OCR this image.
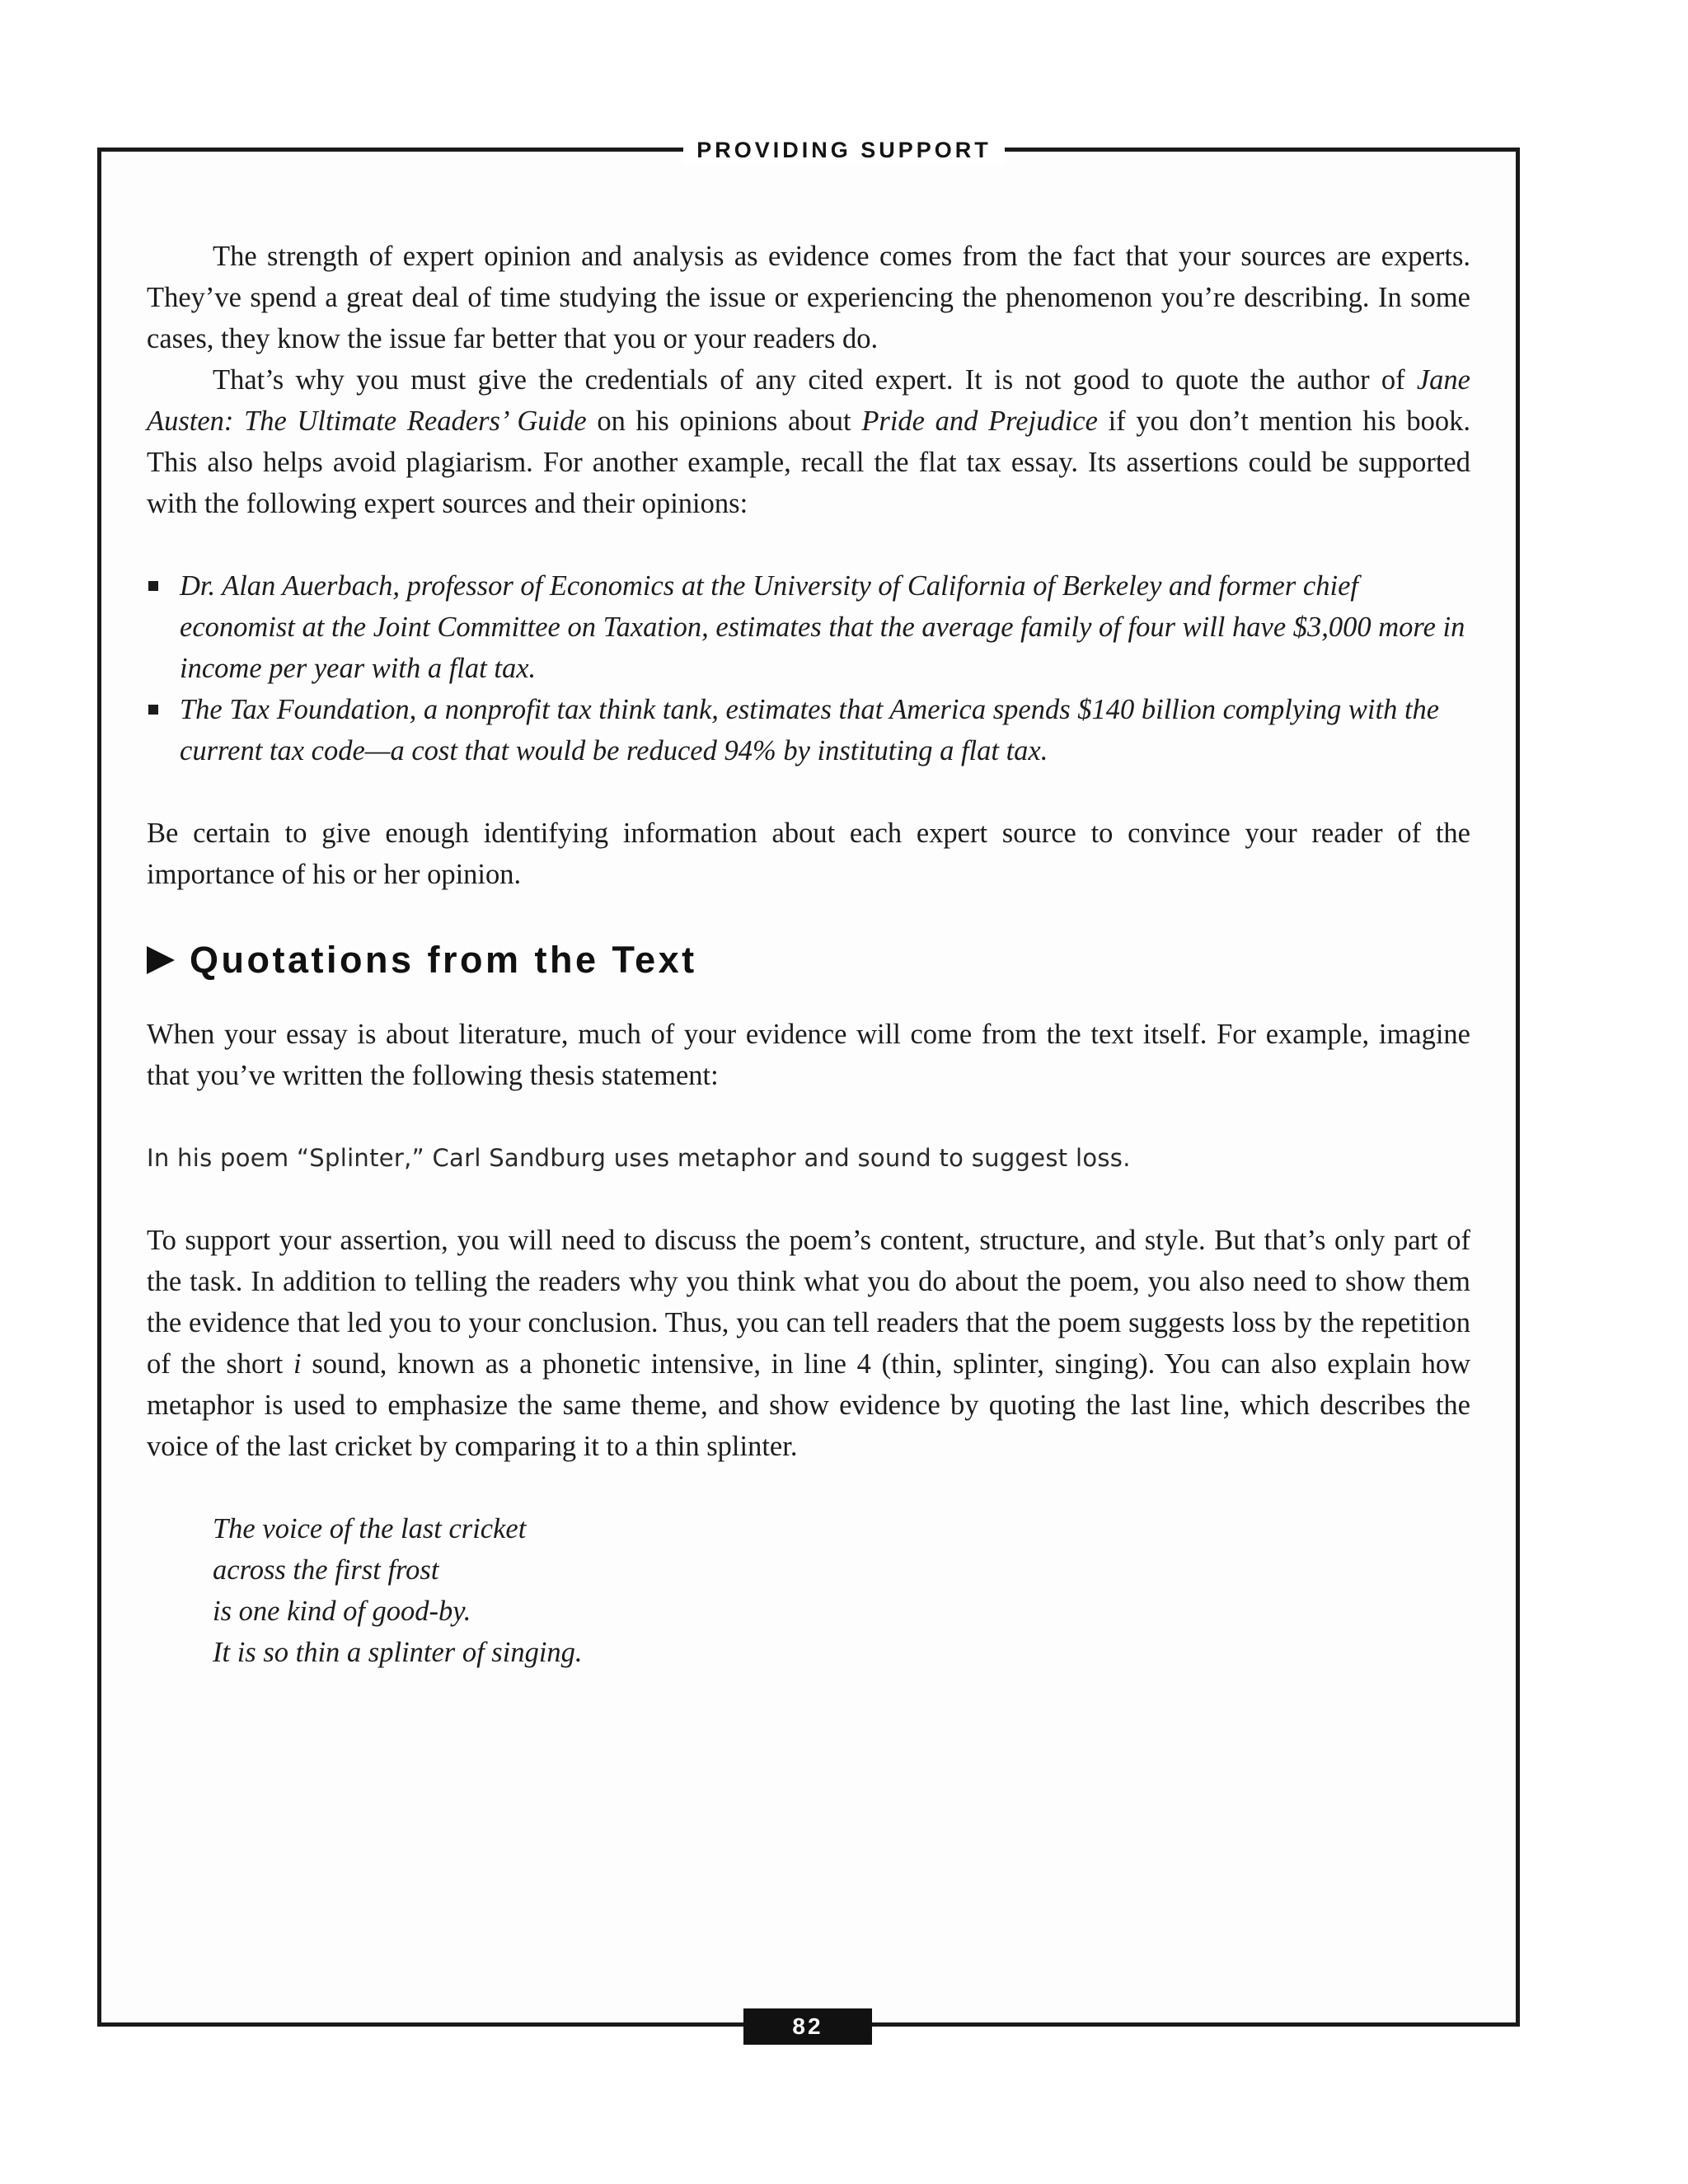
PROVIDING SUPPORT

The strength of expert opinion and analysis as evidence comes from the fact that your sources are experts. They’ve spend a great deal of time studying the issue or experiencing the phenomenon you’re describing. In some cases, they know the issue far better that you or your readers do.

That’s why you must give the credentials of any cited expert. It is not good to quote the author of Jane Austen: The Ultimate Readers’ Guide on his opinions about Pride and Prejudice if you don’t mention his book. This also helps avoid plagiarism. For another example, recall the flat tax essay. Its assertions could be supported with the following expert sources and their opinions:

Dr. Alan Auerbach, professor of Economics at the University of California of Berkeley and former chief economist at the Joint Committee on Taxation, estimates that the average family of four will have $3,000 more in income per year with a flat tax.
The Tax Foundation, a nonprofit tax think tank, estimates that America spends $140 billion complying with the current tax code—a cost that would be reduced 94% by instituting a flat tax.

Be certain to give enough identifying information about each expert source to convince your reader of the importance of his or her opinion.

Quotations from the Text

When your essay is about literature, much of your evidence will come from the text itself. For example, imagine that you’ve written the following thesis statement:

In his poem “Splinter,” Carl Sandburg uses metaphor and sound to suggest loss.

To support your assertion, you will need to discuss the poem’s content, structure, and style. But that’s only part of the task. In addition to telling the readers why you think what you do about the poem, you also need to show them the evidence that led you to your conclusion. Thus, you can tell readers that the poem suggests loss by the repetition of the short i sound, known as a phonetic intensive, in line 4 (thin, splinter, singing). You can also explain how metaphor is used to emphasize the same theme, and show evidence by quoting the last line, which describes the voice of the last cricket by comparing it to a thin splinter.

The voice of the last cricket
across the first frost
is one kind of good-by.
It is so thin a splinter of singing.
82
